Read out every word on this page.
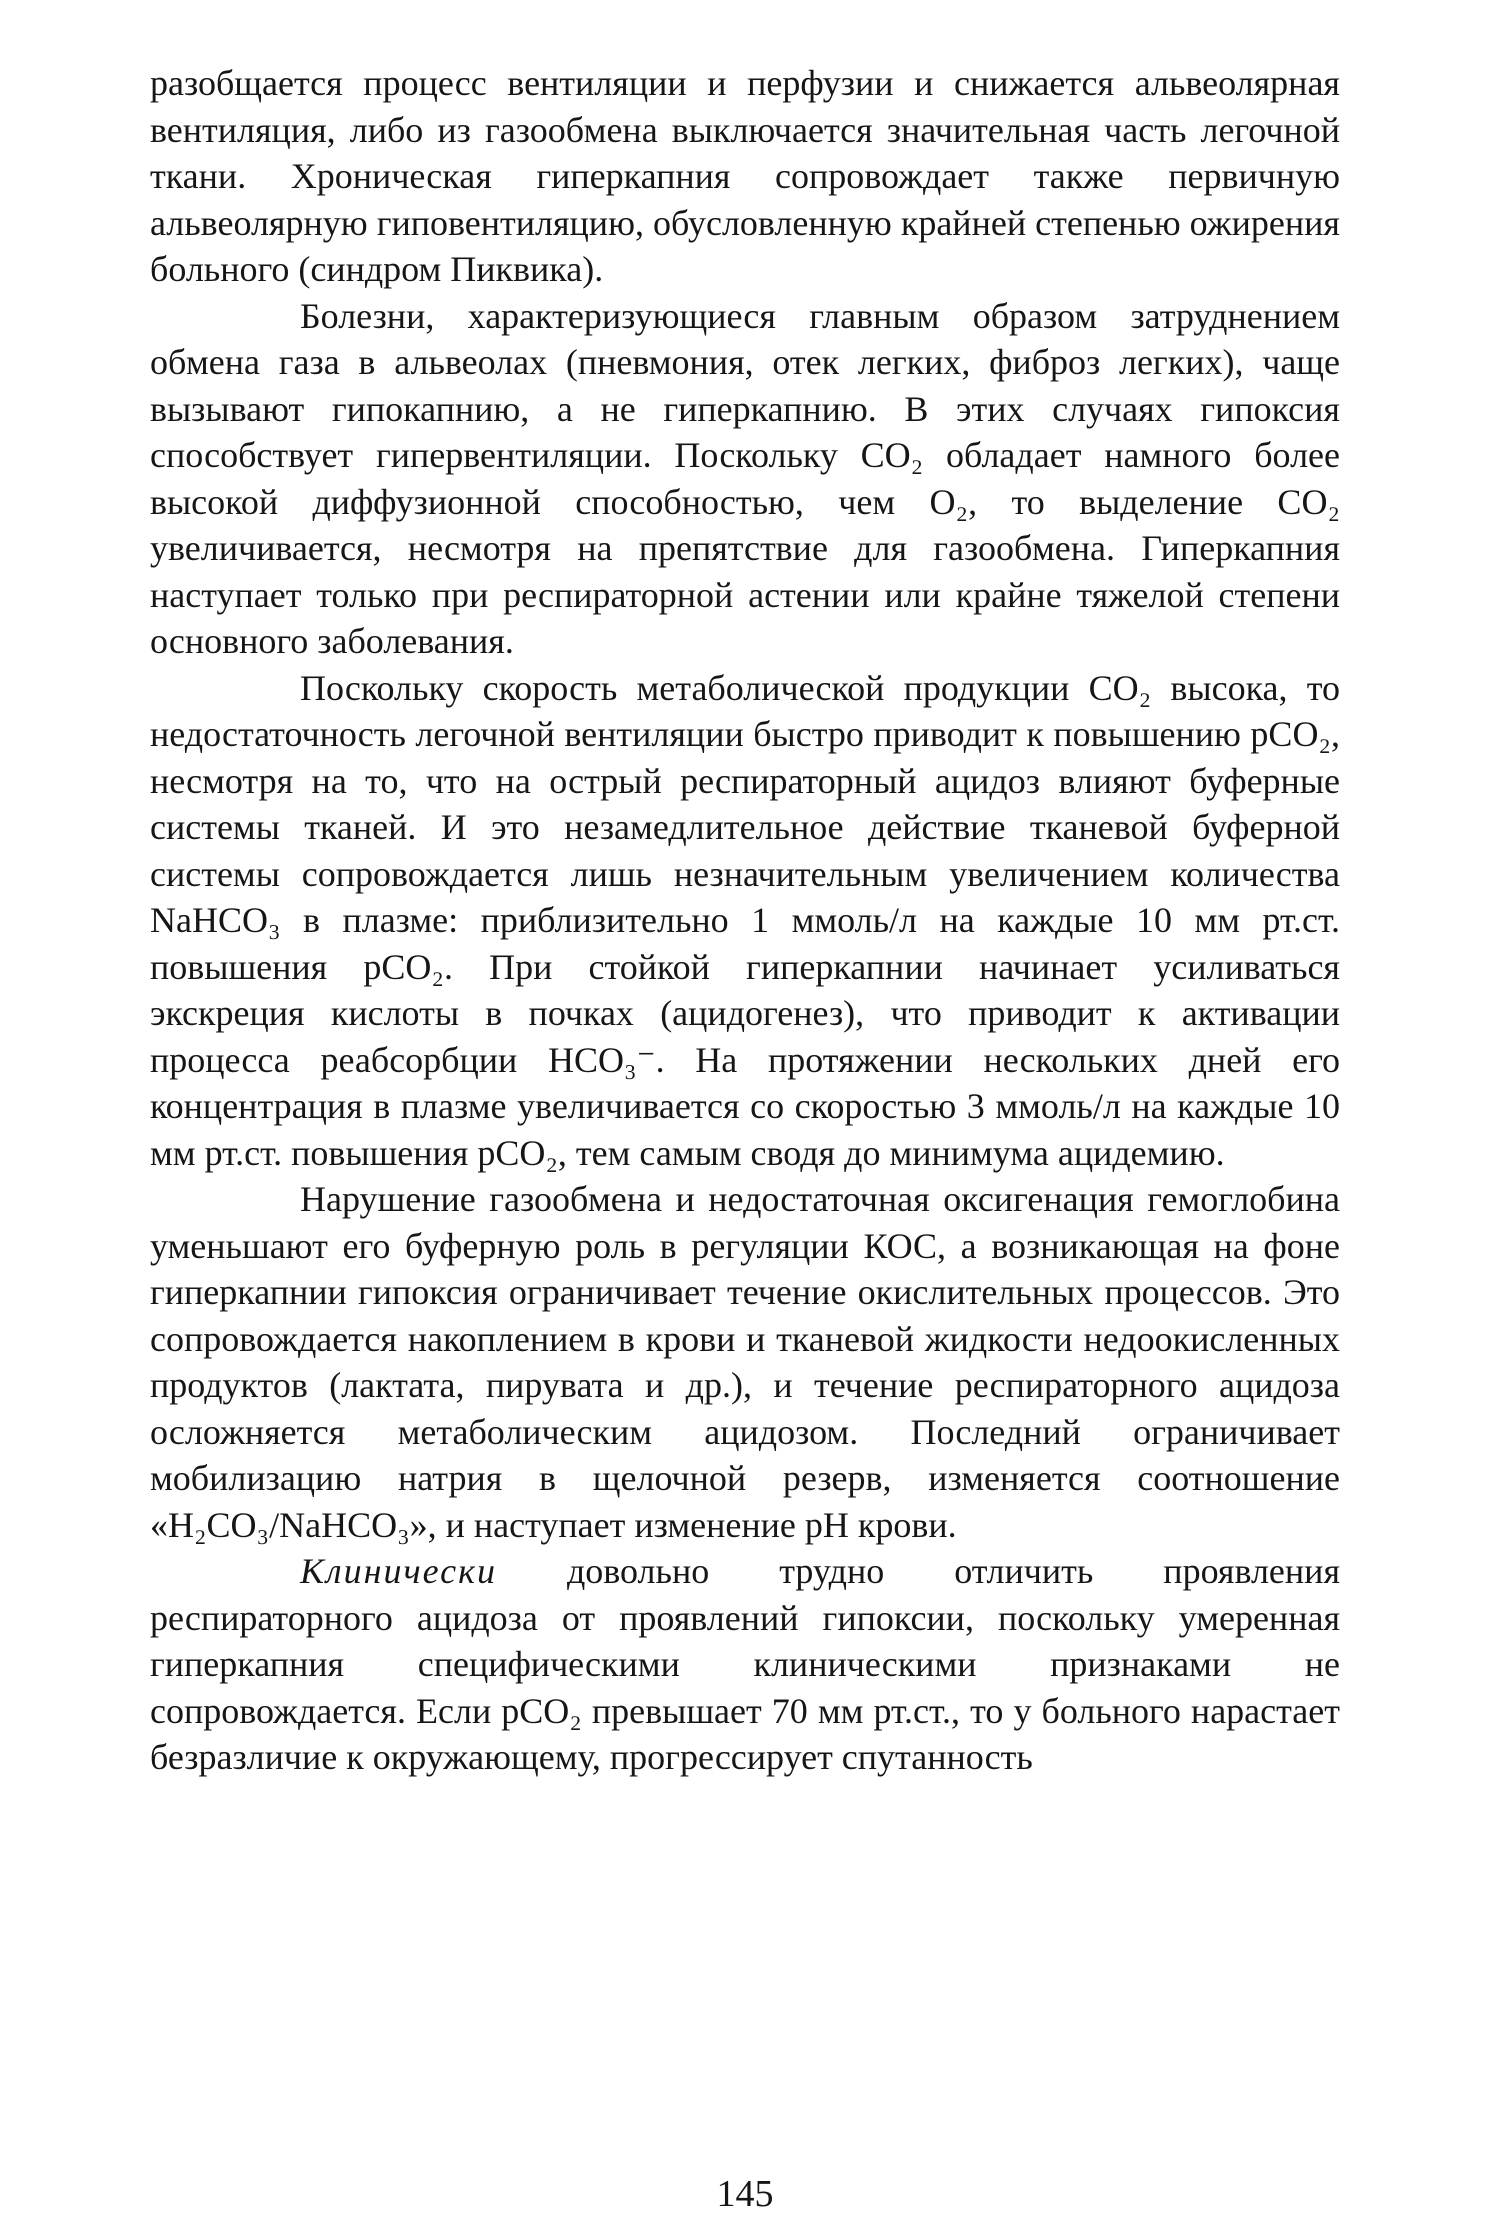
разобщается процесс вентиляции и перфузии и снижается альвеолярная вентиляция, либо из газообмена выключается значительная часть легочной ткани. Хроническая гиперкапния сопровождает также первичную альвеолярную гиповентиляцию, обусловленную крайней степенью ожирения больного (синдром Пиквика).

Болезни, характеризующиеся главным образом затруднением обмена газа в альвеолах (пневмония, отек легких, фиброз легких), чаще вызывают гипокапнию, а не гиперкапнию. В этих случаях гипоксия способствует гипервентиляции. Поскольку CO₂ обладает намного более высокой диффузионной способностью, чем O₂, то выделение CO₂ увеличивается, несмотря на препятствие для газообмена. Гиперкапния наступает только при респираторной астении или крайне тяжелой степени основного заболевания.

Поскольку скорость метаболической продукции CO₂ высока, то недостаточность легочной вентиляции быстро приводит к повышению pCO₂, несмотря на то, что на острый респираторный ацидоз влияют буферные системы тканей. И это незамедлительное действие тканевой буферной системы сопровождается лишь незначительным увеличением количества NaHCO₃ в плазме: приблизительно 1 ммоль/л на каждые 10 мм рт.ст. повышения pCO₂. При стойкой гиперкапнии начинает усиливаться экскреция кислоты в почках (ацидогенез), что приводит к активации процесса реабсорбции HCO₃⁻. На протяжении нескольких дней его концентрация в плазме увеличивается со скоростью 3 ммоль/л на каждые 10 мм рт.ст. повышения pCO₂, тем самым сводя до минимума ацидемию.

Нарушение газообмена и недостаточная оксигенация гемоглобина уменьшают его буферную роль в регуляции КОС, а возникающая на фоне гиперкапнии гипоксия ограничивает течение окислительных процессов. Это сопровождается накоплением в крови и тканевой жидкости недоокисленных продуктов (лактата, пирувата и др.), и течение респираторного ацидоза осложняется метаболическим ацидозом. Последний ограничивает мобилизацию натрия в щелочной резерв, изменяется соотношение «H₂CO₃/NaHCO₃», и наступает изменение pH крови.

Клинически довольно трудно отличить проявления респираторного ацидоза от проявлений гипоксии, поскольку умеренная гиперкапния специфическими клиническими признаками не сопровождается. Если pCO₂ превышает 70 мм рт.ст., то у больного нарастает безразличие к окружающему, прогрессирует спутанность

145
